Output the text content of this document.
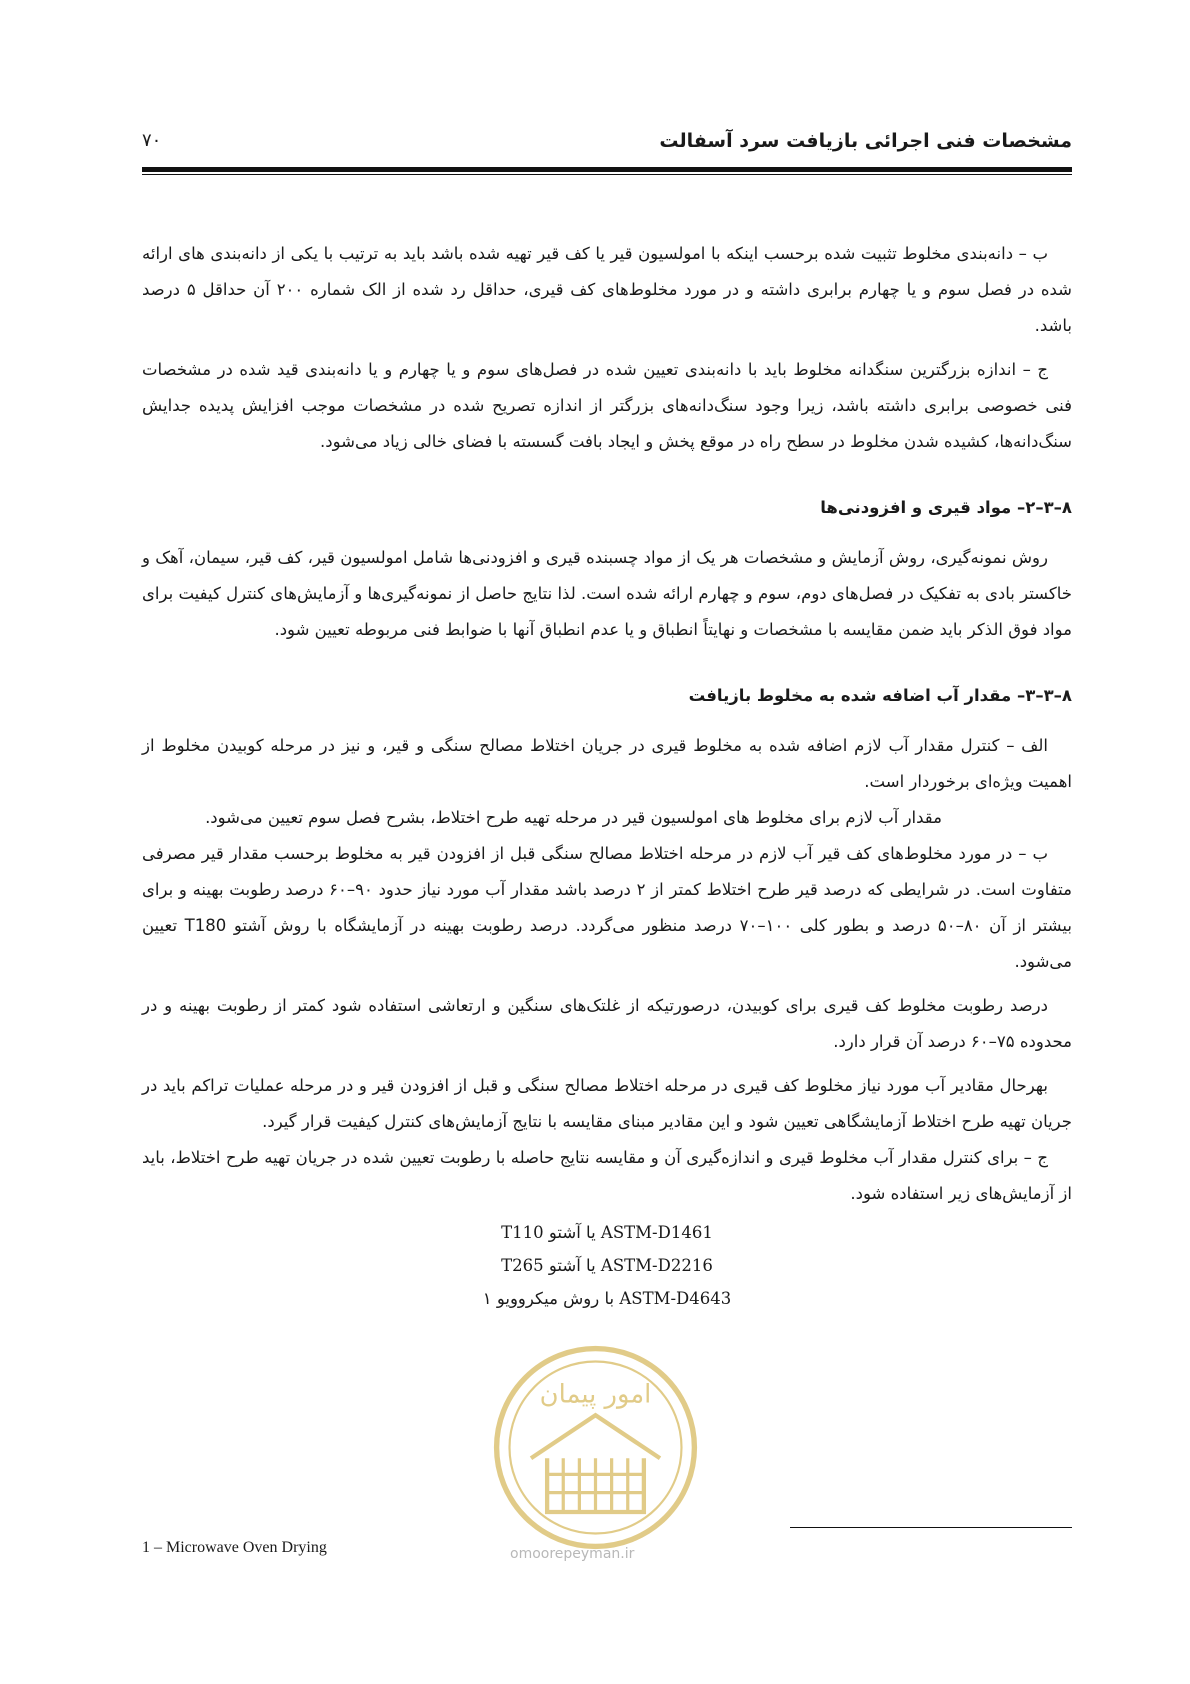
مشخصات فنی اجرائی بازیافت سرد آسفالت
۷۰

ب – دانه‌بندی مخلوط تثبیت شده برحسب اینکه با امولسیون قیر یا کف قیر تهیه شده باشد باید به ترتیب با یکی از دانه‌بندی های ارائه شده در فصل سوم و یا چهارم برابری داشته و در مورد مخلوط‌های کف قیری، حداقل رد شده از الک شماره ۲۰۰ آن حداقل ۵ درصد باشد.

ج – اندازه بزرگترین سنگدانه مخلوط باید با دانه‌بندی تعیین شده در فصل‌های سوم و یا چهارم و یا دانه‌بندی قید شده در مشخصات فنی خصوصی برابری داشته باشد، زیرا وجود سنگ‌دانه‌های بزرگتر از اندازه تصریح شده در مشخصات موجب افزایش پدیده جدایش سنگ‌دانه‌ها، کشیده شدن مخلوط در سطح راه در موقع پخش و ایجاد بافت گسسته با فضای خالی زیاد می‌شود.

۸–۳–۲– مواد قیری و افزودنی‌ها

روش نمونه‌گیری، روش آزمایش و مشخصات هر یک از مواد چسبنده قیری و افزودنی‌ها شامل امولسیون قیر، کف قیر، سیمان، آهک و خاکستر بادی به تفکیک در فصل‌های دوم، سوم و چهارم ارائه شده است. لذا نتایج حاصل از نمونه‌گیری‌ها و آزمایش‌های کنترل کیفیت برای مواد فوق الذکر باید ضمن مقایسه با مشخصات و نهایتاً انطباق و یا عدم انطباق آنها با ضوابط فنی مربوطه تعیین شود.

۸–۳–۳– مقدار آب اضافه شده به مخلوط بازیافت

الف – کنترل مقدار آب لازم اضافه شده به مخلوط قیری در جریان اختلاط مصالح سنگی و قیر، و نیز در مرحله کوبیدن مخلوط از اهمیت ویژه‌ای برخوردار است.

مقدار آب لازم برای مخلوط های امولسیون قیر در مرحله تهیه طرح اختلاط، بشرح فصل سوم تعیین می‌شود.

ب – در مورد مخلوط‌های کف قیر آب لازم در مرحله اختلاط مصالح سنگی قبل از افزودن قیر به مخلوط برحسب مقدار قیر مصرفی متفاوت است. در شرایطی که درصد قیر طرح اختلاط کمتر از ۲ درصد باشد مقدار آب مورد نیاز حدود ۹۰–۶۰ درصد رطوبت بهینه و برای بیشتر از آن ۸۰–۵۰ درصد و بطور کلی ۱۰۰–۷۰ درصد منظور می‌گردد. درصد رطوبت بهینه در آزمایشگاه با روش آشتو T180 تعیین می‌شود.

درصد رطوبت مخلوط کف قیری برای کوبیدن، درصورتیکه از غلتک‌های سنگین و ارتعاشی استفاده شود کمتر از رطوبت بهینه و در محدوده ۷۵–۶۰ درصد آن قرار دارد.

بهرحال مقادیر آب مورد نیاز مخلوط کف قیری در مرحله اختلاط مصالح سنگی و قبل از افزودن قیر و در مرحله عملیات تراکم باید در جریان تهیه طرح اختلاط آزمایشگاهی تعیین شود و این مقادیر مبنای مقایسه با نتایج آزمایش‌های کنترل کیفیت قرار گیرد.

ج – برای کنترل مقدار آب مخلوط قیری و اندازه‌گیری آن و مقایسه نتایج حاصله با رطوبت تعیین شده در جریان تهیه طرح اختلاط، باید از آزمایش‌های زیر استفاده شود.

ASTM-D1461 یا آشتو T110
ASTM-D2216 یا آشتو T265
ASTM-D4643 با روش میکروویو ۱
امور پیمان
omoorepeyman.ir
1 – Microwave Oven Drying
